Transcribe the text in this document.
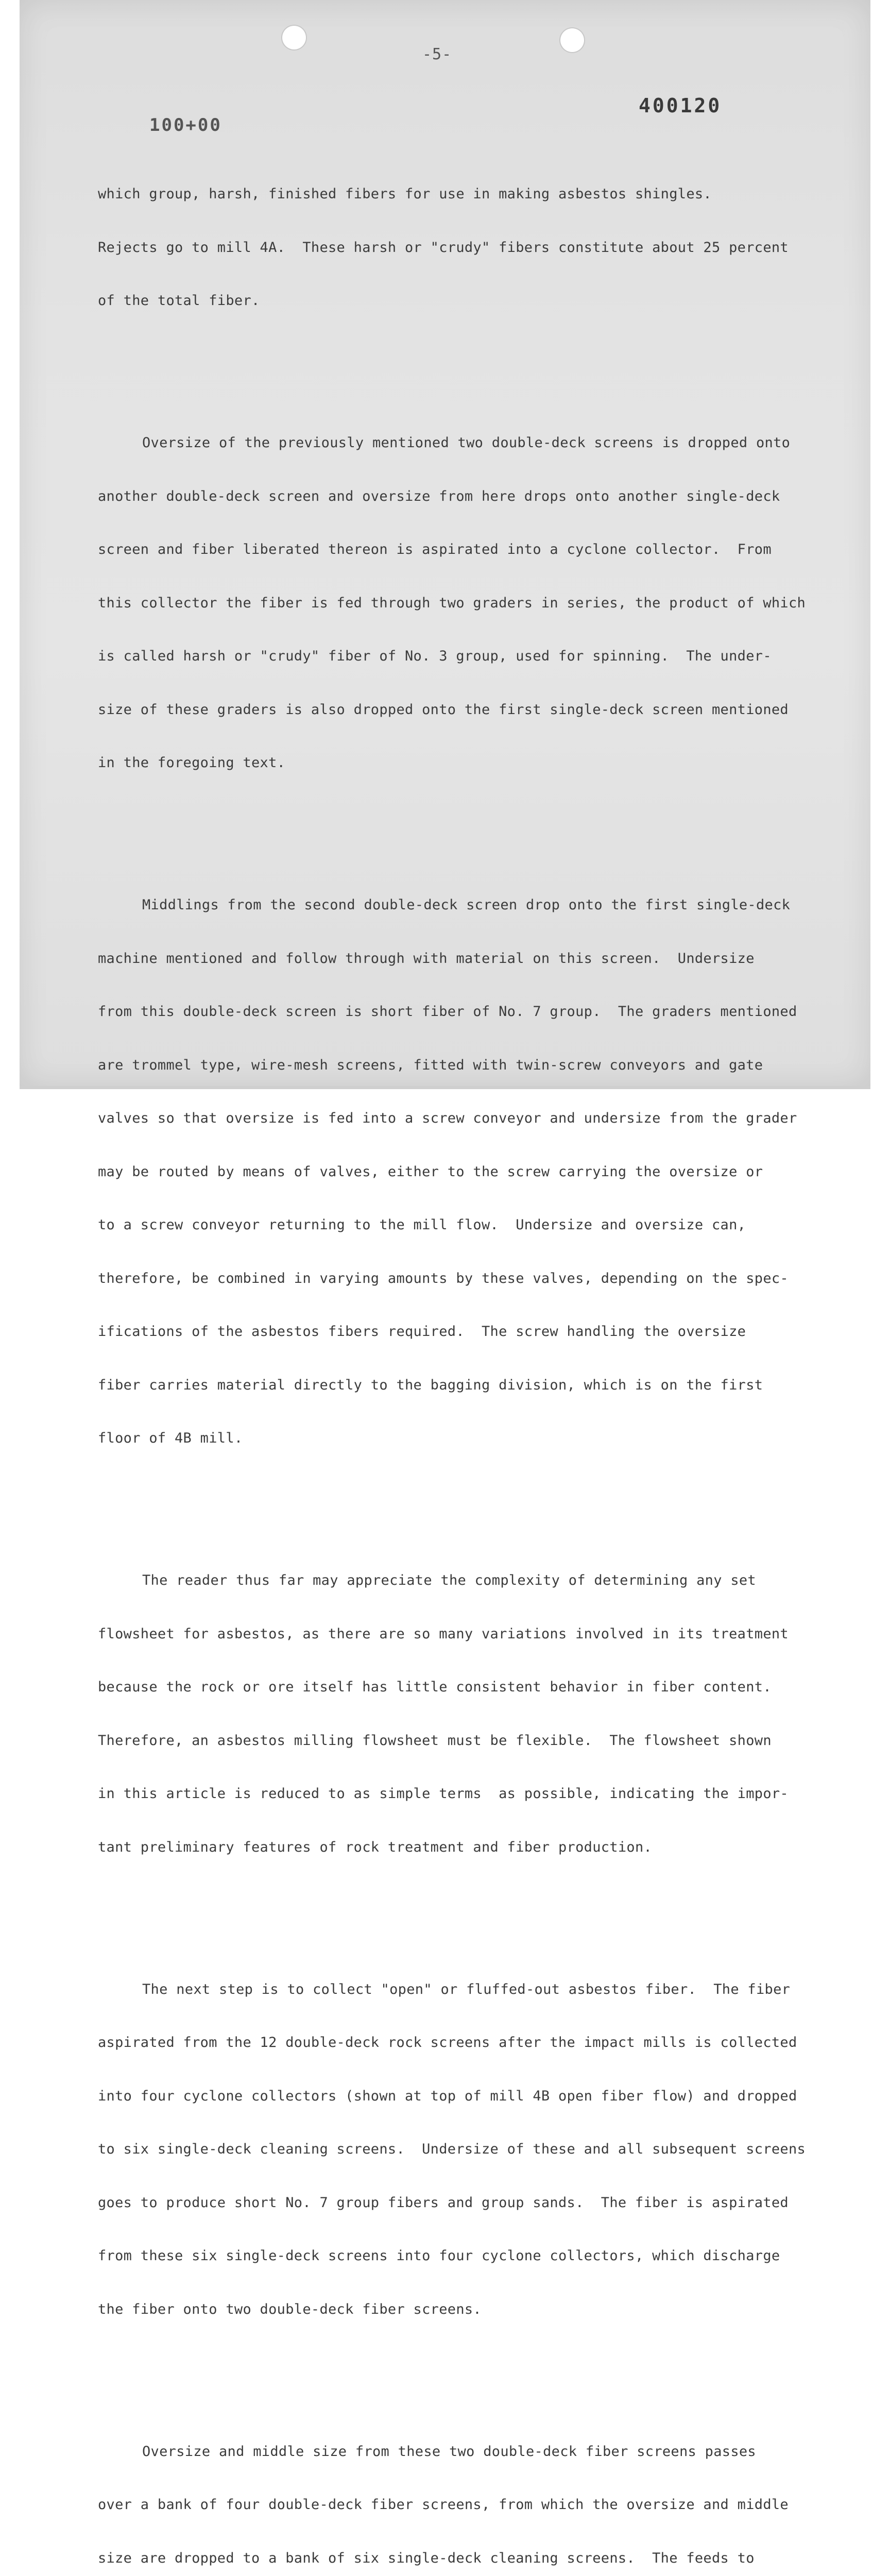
-5-
400120
100+00

which group, harsh, finished fibers for use in making asbestos shingles.

Rejects go to mill 4A.  These harsh or "crudy" fibers constitute about 25 percent

of the total fiber.

Oversize of the previously mentioned two double-deck screens is dropped onto

another double-deck screen and oversize from here drops onto another single-deck

screen and fiber liberated thereon is aspirated into a cyclone collector.  From

this collector the fiber is fed through two graders in series, the product of which

is called harsh or "crudy" fiber of No. 3 group, used for spinning.  The under-

size of these graders is also dropped onto the first single-deck screen mentioned

in the foregoing text.

Middlings from the second double-deck screen drop onto the first single-deck

machine mentioned and follow through with material on this screen.  Undersize

from this double-deck screen is short fiber of No. 7 group.  The graders mentioned

are trommel type, wire-mesh screens, fitted with twin-screw conveyors and gate

valves so that oversize is fed into a screw conveyor and undersize from the grader

may be routed by means of valves, either to the screw carrying the oversize or

to a screw conveyor returning to the mill flow.  Undersize and oversize can,

therefore, be combined in varying amounts by these valves, depending on the spec-

ifications of the asbestos fibers required.  The screw handling the oversize

fiber carries material directly to the bagging division, which is on the first

floor of 4B mill.

The reader thus far may appreciate the complexity of determining any set

flowsheet for asbestos, as there are so many variations involved in its treatment

because the rock or ore itself has little consistent behavior in fiber content.

Therefore, an asbestos milling flowsheet must be flexible.  The flowsheet shown

in this article is reduced to as simple terms  as possible, indicating the impor-

tant preliminary features of rock treatment and fiber production.

The next step is to collect "open" or fluffed-out asbestos fiber.  The fiber

aspirated from the 12 double-deck rock screens after the impact mills is collected

into four cyclone collectors (shown at top of mill 4B open fiber flow) and dropped

to six single-deck cleaning screens.  Undersize of these and all subsequent screens

goes to produce short No. 7 group fibers and group sands.  The fiber is aspirated

from these six single-deck screens into four cyclone collectors, which discharge

the fiber onto two double-deck fiber screens.

Oversize and middle size from these two double-deck fiber screens passes

over a bank of four double-deck fiber screens, from which the oversize and middle

size are dropped to a bank of six single-deck cleaning screens.  The feeds to
